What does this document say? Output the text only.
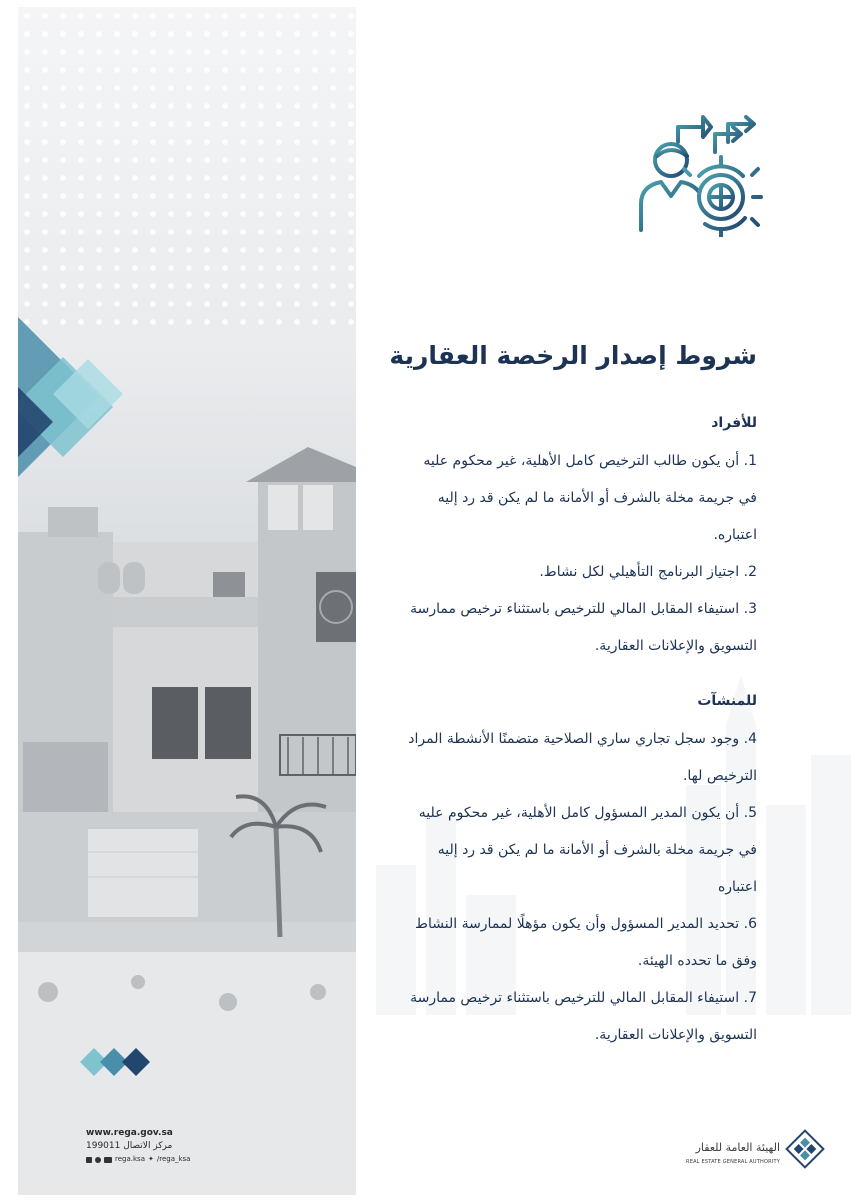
شروط إصدار الرخصة العقارية
للأفراد

1. أن يكون طالب الترخيص كامل الأهلية، غير محكوم عليه

في جريمة مخلة بالشرف أو الأمانة ما لم يكن قد رد إليه

اعتباره.

2. اجتياز البرنامج التأهيلي لكل نشاط.

3. استيفاء المقابل المالي للترخيص باستثناء ترخيص ممارسة

التسويق والإعلانات العقارية.

للمنشآت

4. وجود سجل تجاري ساري الصلاحية متضمنًا الأنشطة المراد

الترخيص لها.

5. أن يكون المدير المسؤول كامل الأهلية، غير محكوم عليه

في جريمة مخلة بالشرف أو الأمانة ما لم يكن قد رد إليه

اعتباره

6. تحديد المدير المسؤول وأن يكون مؤهلًا لممارسة النشاط

وفق ما تحدده الهيئة.

7. استيفاء المقابل المالي للترخيص باستثناء ترخيص ممارسة

التسويق والإعلانات العقارية.

www.rega.gov.sa
مركز الاتصال 199011
rega.ksa ✦ /rega_ksa
الهيئة العامة للعقار
REAL ESTATE GENERAL AUTHORITY
